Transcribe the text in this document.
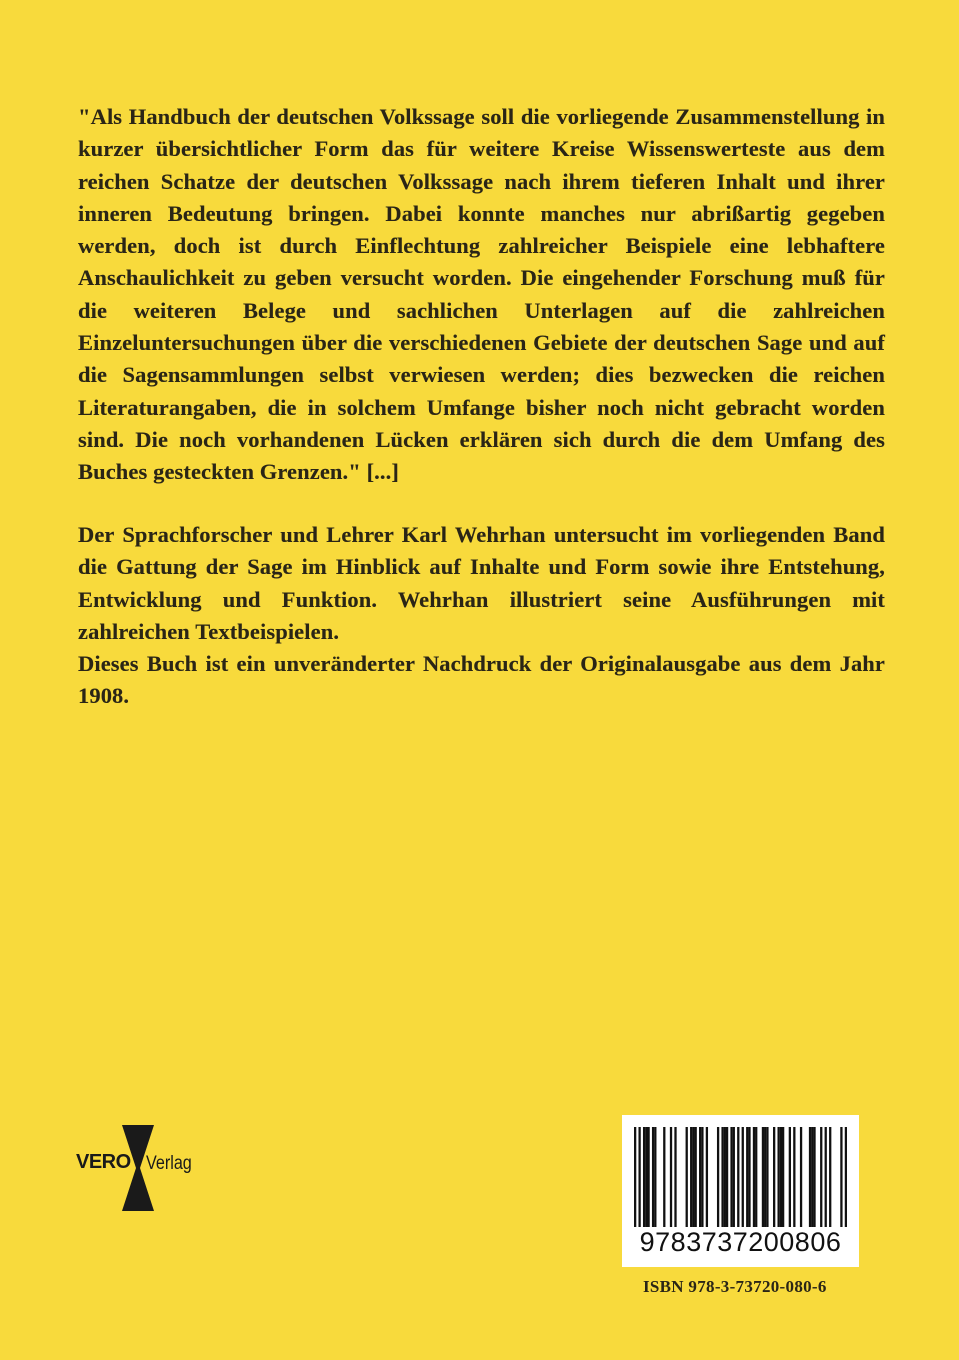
"Als Handbuch der deutschen Volkssage soll die vorliegende Zusammenstellung in kurzer übersichtlicher Form das für weitere Kreise Wissenswerteste aus dem reichen Schatze der deutschen Volkssage nach ihrem tieferen Inhalt und ihrer inneren Bedeutung bringen. Dabei konnte manches nur abrißartig gegeben werden, doch ist durch Einflechtung zahlreicher Beispiele eine lebhaftere Anschaulichkeit zu geben versucht worden. Die eingehender Forschung muß für die weiteren Belege und sachlichen Unterlagen auf die zahlreichen Einzeluntersuchungen über die verschiedenen Gebiete der deutschen Sage und auf die Sagensammlungen selbst verwiesen werden; dies bezwecken die reichen Literaturangaben, die in solchem Umfange bisher noch nicht gebracht worden sind. Die noch vorhandenen Lücken erklären sich durch die dem Umfang des Buches gesteckten Grenzen." [...]

Der Sprachforscher und Lehrer Karl Wehrhan untersucht im vorliegenden Band die Gattung der Sage im Hinblick auf Inhalte und Form sowie ihre Entstehung, Entwicklung und Funktion. Wehrhan illustriert seine Ausführungen mit zahlreichen Textbeispielen.

Dieses Buch ist ein unveränderter Nachdruck der Originalausgabe aus dem Jahr 1908.

VERO Verlag
9783737200806
ISBN 978-3-73720-080-6
